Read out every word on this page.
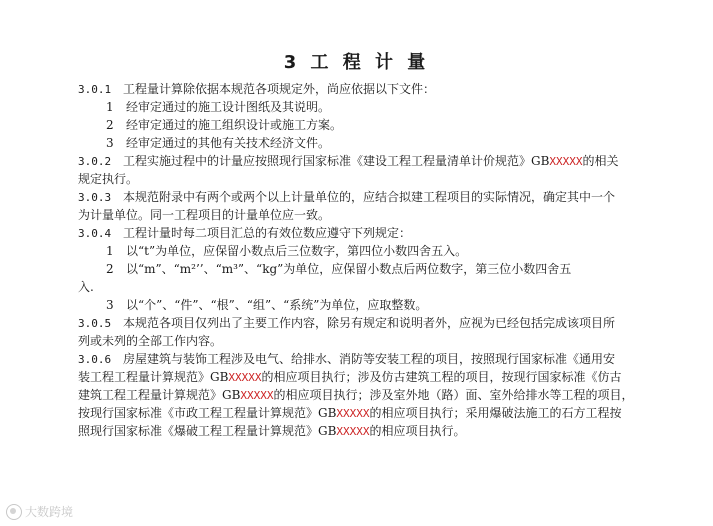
3 工 程 计 量
3.0.1 工程量计算除依据本规范各项规定外，尚应依据以下文件：
1 经审定通过的施工设计图纸及其说明。
2 经审定通过的施工组织设计或施工方案。
3 经审定通过的其他有关技术经济文件。
3.0.2 工程实施过程中的计量应按照现行国家标准《建设工程工程量清单计价规范》GBXXXXX的相关
规定执行。
3.0.3 本规范附录中有两个或两个以上计量单位的，应结合拟建工程项目的实际情况，确定其中一个
为计量单位。同一工程项目的计量单位应一致。
3.0.4 工程计量时每二项目汇总的有效位数应遵守下列规定：
1 以“t”为单位，应保留小数点后三位数字，第四位小数四舍五入。
2 以“m”、“m²’’、“m³”、“kg”为单位，应保留小数点后两位数字，第三位小数四舍五
入.
3 以“个”、“件”、“根”、“组”、“系统”为单位，应取整数。
3.0.5 本规范各项目仅列出了主要工作内容，除另有规定和说明者外，应视为已经包括完成该项目所
列或未列的全部工作内容。
3.0.6 房屋建筑与装饰工程涉及电气、给排水、消防等安装工程的项目，按照现行国家标准《通用安
装工程工程量计算规范》GBXXXXX的相应项目执行；涉及仿古建筑工程的项目，按现行国家标准《仿古
建筑工程工程量计算规范》GBXXXXX的相应项目执行；涉及室外地（路）面、室外给排水等工程的项目，
按现行国家标准《市政工程工程量计算规范》GBXXXXX的相应项目执行；采用爆破法施工的石方工程按
照现行国家标准《爆破工程工程量计算规范》GBXXXXX的相应项目执行。
大数跨境
